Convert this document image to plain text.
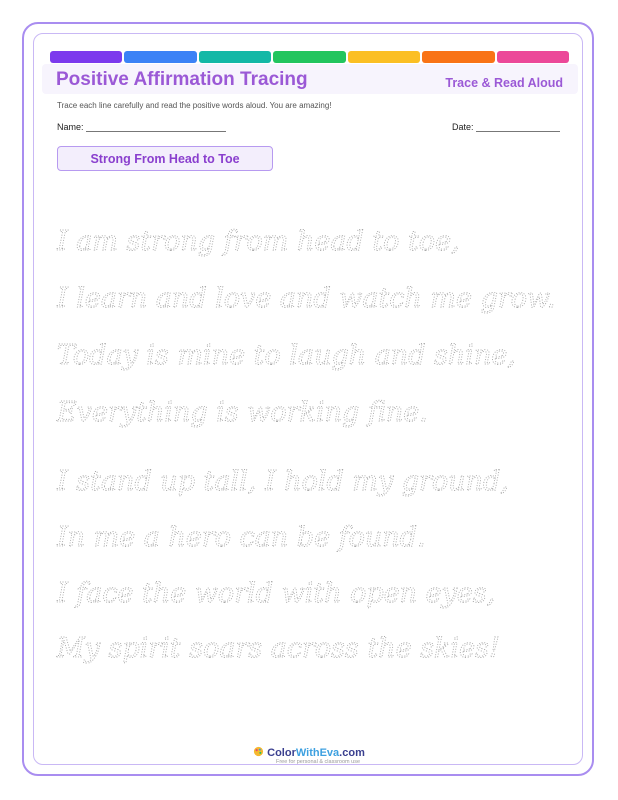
Positive Affirmation Tracing	Trace & Read Aloud
Trace each line carefully and read the positive words aloud. You are amazing!
Name:	Date:
Strong From Head to Toe
I am strong from head to toe,
I learn and love and watch me grow.
Today is mine to laugh and shine,
Everything is working fine.
I stand up tall, I hold my ground,
In me a hero can be found.
I face the world with open eyes,
My spirit soars across the skies!
ColorWithEva.com
Free for personal & classroom use
